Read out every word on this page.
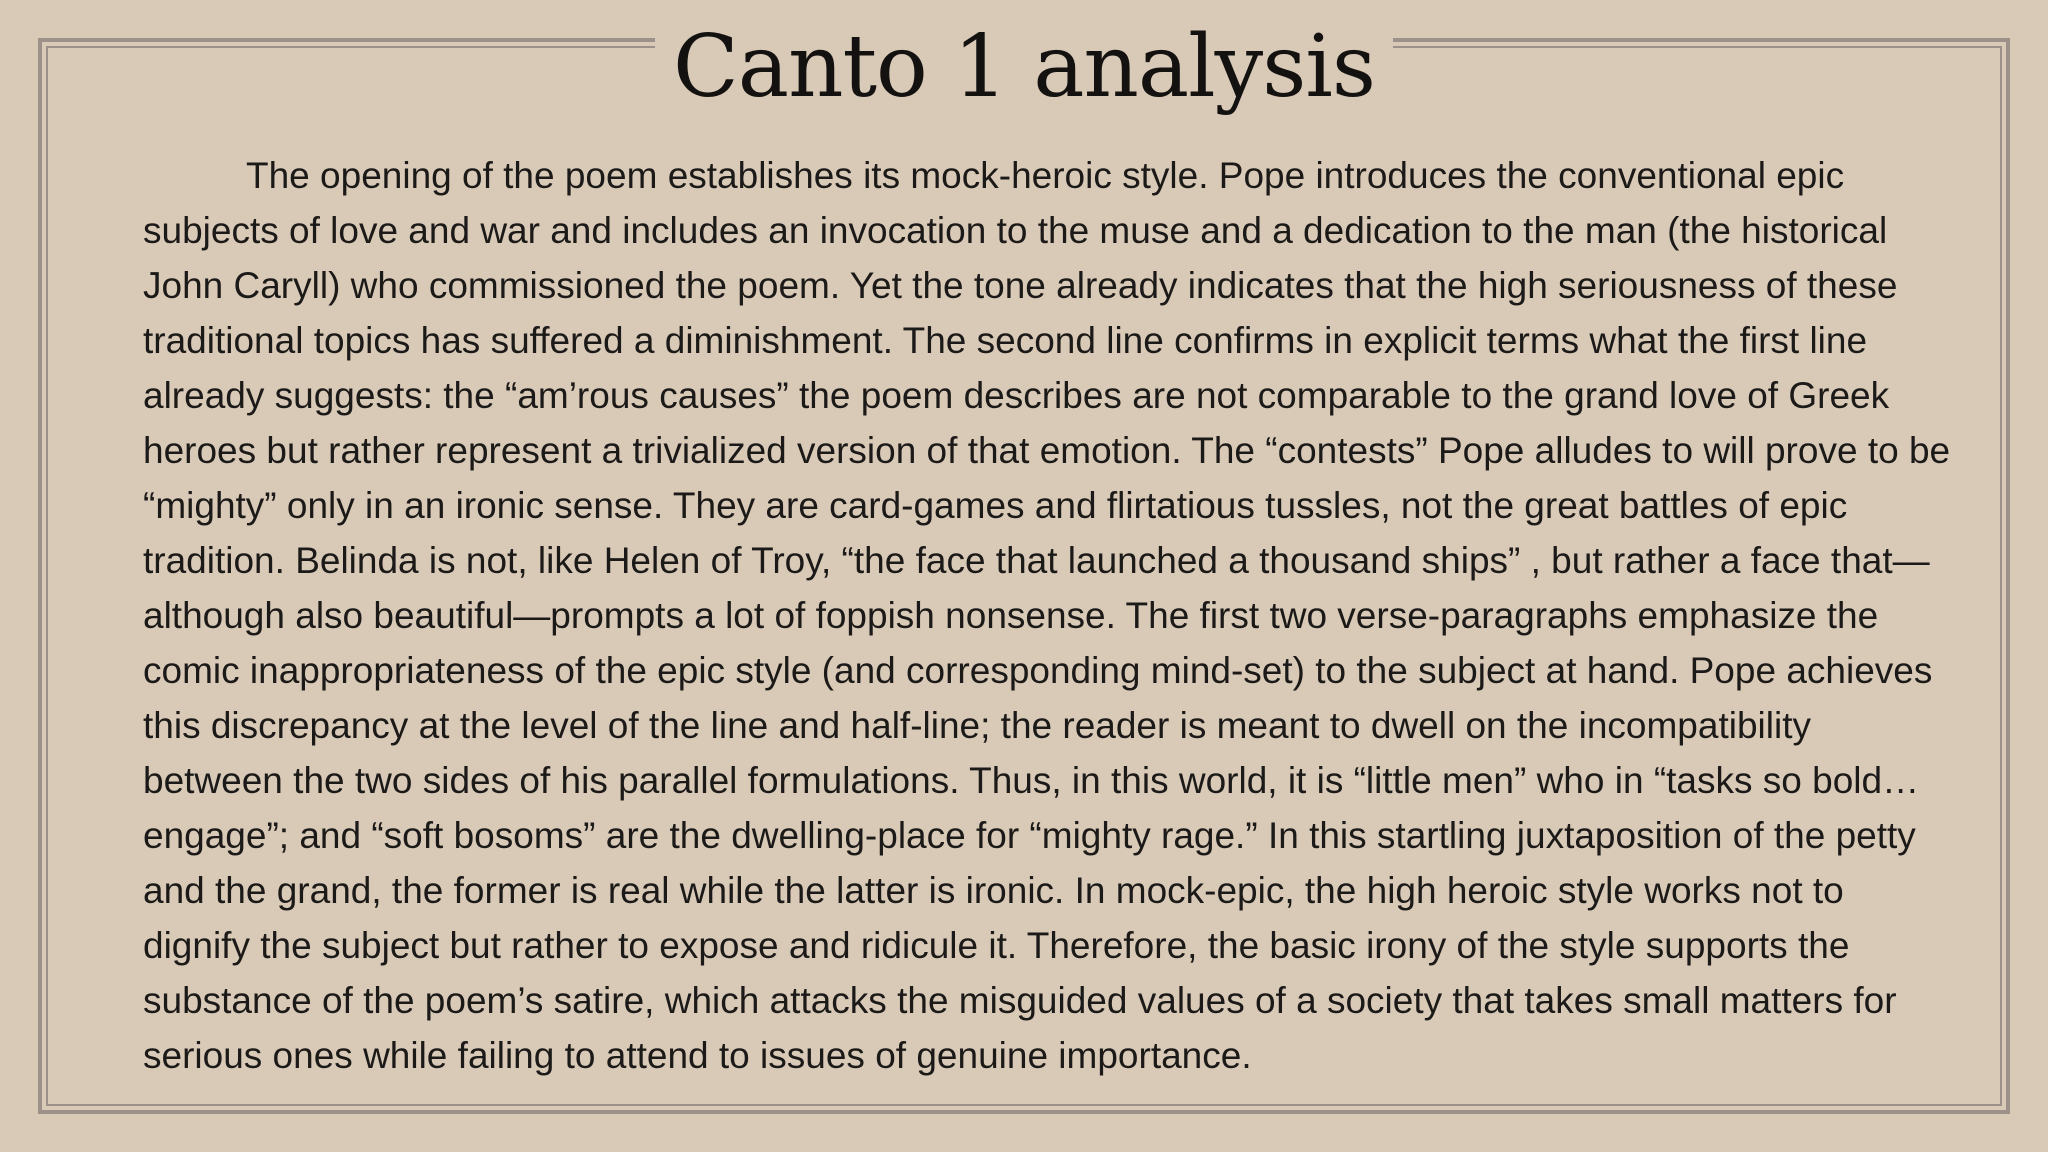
Canto 1 analysis

The opening of the poem establishes its mock-heroic style. Pope introduces the conventional epic subjects of love and war and includes an invocation to the muse and a dedication to the man (the historical John Caryll) who commissioned the poem. Yet the tone already indicates that the high seriousness of these traditional topics has suffered a diminishment. The second line confirms in explicit terms what the first line already suggests: the “am’rous causes” the poem describes are not comparable to the grand love of Greek heroes but rather represent a trivialized version of that emotion. The “contests” Pope alludes to will prove to be “mighty” only in an ironic sense. They are card-games and flirtatious tussles, not the great battles of epic tradition. Belinda is not, like Helen of Troy, “the face that launched a thousand ships” , but rather a face that—although also beautiful—prompts a lot of foppish nonsense. The first two verse-paragraphs emphasize the comic inappropriateness of the epic style (and corresponding mind-set) to the subject at hand. Pope achieves this discrepancy at the level of the line and half-line; the reader is meant to dwell on the incompatibility between the two sides of his parallel formulations. Thus, in this world, it is “little men” who in “tasks so bold… engage”; and “soft bosoms” are the dwelling-place for “mighty rage.” In this startling juxtaposition of the petty and the grand, the former is real while the latter is ironic. In mock-epic, the high heroic style works not to dignify the subject but rather to expose and ridicule it. Therefore, the basic irony of the style supports the substance of the poem’s satire, which attacks the misguided values of a society that takes small matters for serious ones while failing to attend to issues of genuine importance.
